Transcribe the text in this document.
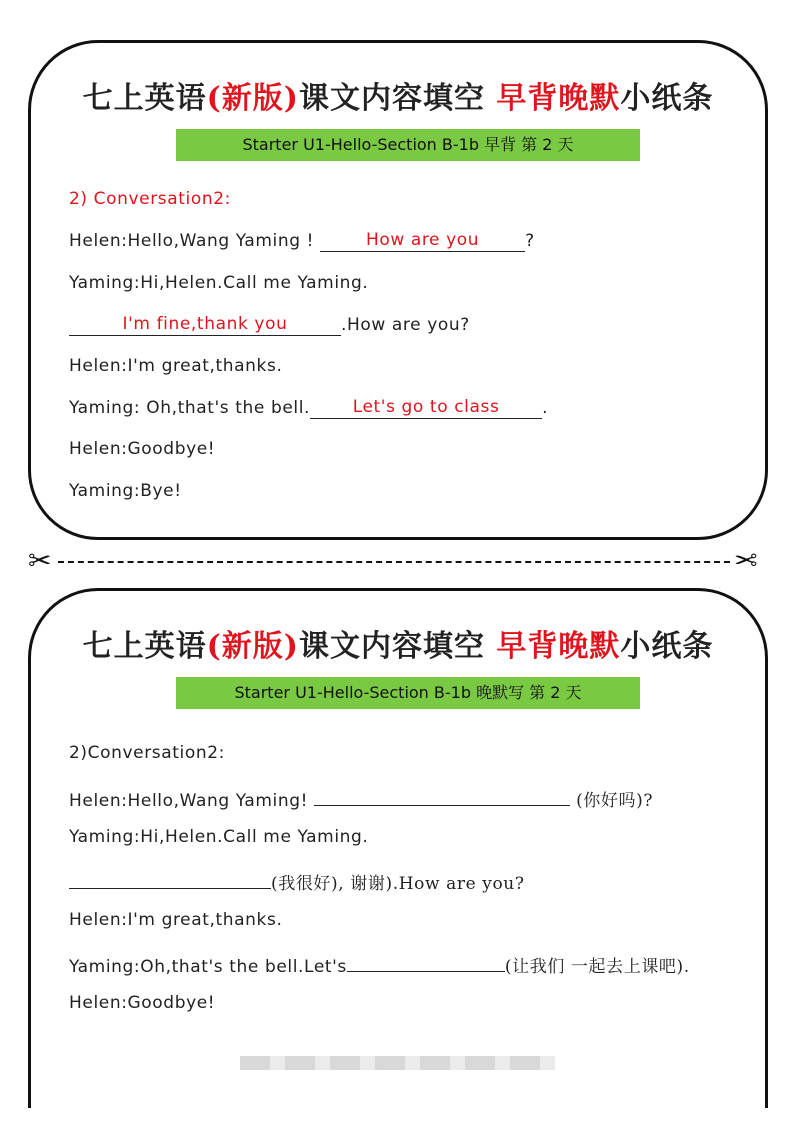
七上英语(新版)课文内容填空 早背晚默小纸条
Starter U1-Hello-Section B-1b 早背 第 2 天
2) Conversation2:
Helen:Hello,Wang Yaming !	How are you	?
Yaming:Hi,Helen.Call me Yaming.
I'm fine,thank you	.How are you?
Helen:I'm great,thanks.
Yaming: Oh,that's the bell.	Let's go to class	.
Helen:Goodbye!
Yaming:Bye!
✂	✂
七上英语(新版)课文内容填空 早背晚默小纸条
Starter U1-Hello-Section B-1b 晚默写 第 2 天
2)Conversation2:
Helen:Hello,Wang Yaming!	(你好吗)?
Yaming:Hi,Helen.Call me Yaming.
(我很好), 谢谢).How are you?
Helen:I'm great,thanks.
Yaming:Oh,that's the bell.Let's	(让我们 一起去上课吧).
Helen:Goodbye!
